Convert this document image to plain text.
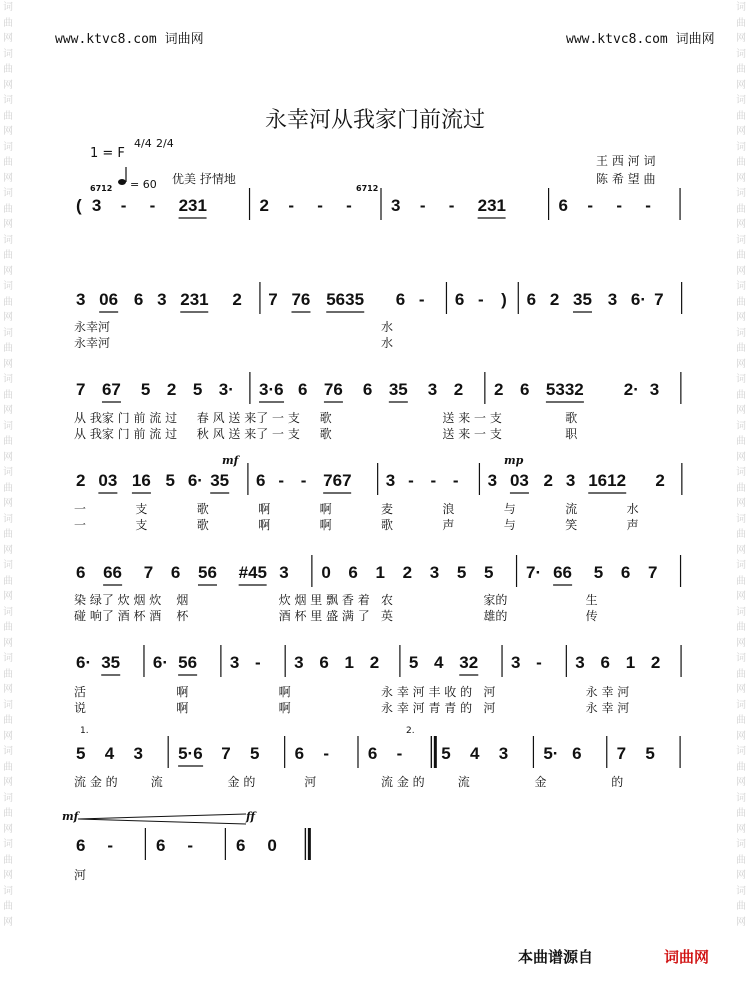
www.ktvc8.com 词曲网	www.ktvc8.com 词曲网
词曲网词曲网词曲网词曲网词曲网词曲网词曲网词曲网词曲网词曲网词曲网词曲网词曲网词曲网词曲网词曲网词曲网词曲网词曲网词曲网
词曲网词曲网词曲网词曲网词曲网词曲网词曲网词曲网词曲网词曲网词曲网词曲网词曲网词曲网词曲网词曲网词曲网词曲网词曲网词曲网
永幸河从我家门前流过
1 = F
4/4 2/4
= 60 优美 抒情地
王 西 河 词
陈 希 望 曲
6712	6712
mf	mp
mf	ff
1.	2.
( 3 - - 231	2 - - - 3 - - 231	6 - - -
3 06 6 3 231 2 7 76 5635 6 - 6 - ) 6 2 35 3 6· 7
永幸河	水
永幸河	水
7 67 5 2 5 3· 3·6 6 76 6 35 3 2 2 6 5332 2· 3
从 我家 门 前 流 过 春 风 送 来了 一 支 歌	送 来 一 支	歌
从 我家 门 前 流 过 秋 风 送 来了 一 支 歌	送 来 一 支	职
2 03 16 5 6· 35 6 - - 767 3 - - - 3 03 2 3 1612 2
一	支	歌	啊	啊	麦	浪	与	流	水
一	支	歌	啊	啊	歌	声	与	笑	声
6 66 7 6 56 #45 3 0 6 1 2 3 5 5 7· 66 5 6 7
染 绿了 炊 烟 炊 烟	炊 烟 里 飘 香 着 农	家的	生
碰 响了 酒 杯 酒 杯	酒 杯 里 盛 满 了 英	雄的	传
6· 35 6· 56 3 - 3 6 1 2 5 4 32 3 - 3 6 1 2
活	啊	啊	永 幸 河 丰 收 的 河	永 幸 河
说	啊	啊	永 幸 河 青 青 的 河	永 幸 河
5 4 3 5·6 7 5 6 - 6 - 5 4 3 5· 6 7 5
流 金 的	流	金 的	河	流 金 的	流	金	的
6 -	6 -	6 0
河
本曲谱源自	词曲网
